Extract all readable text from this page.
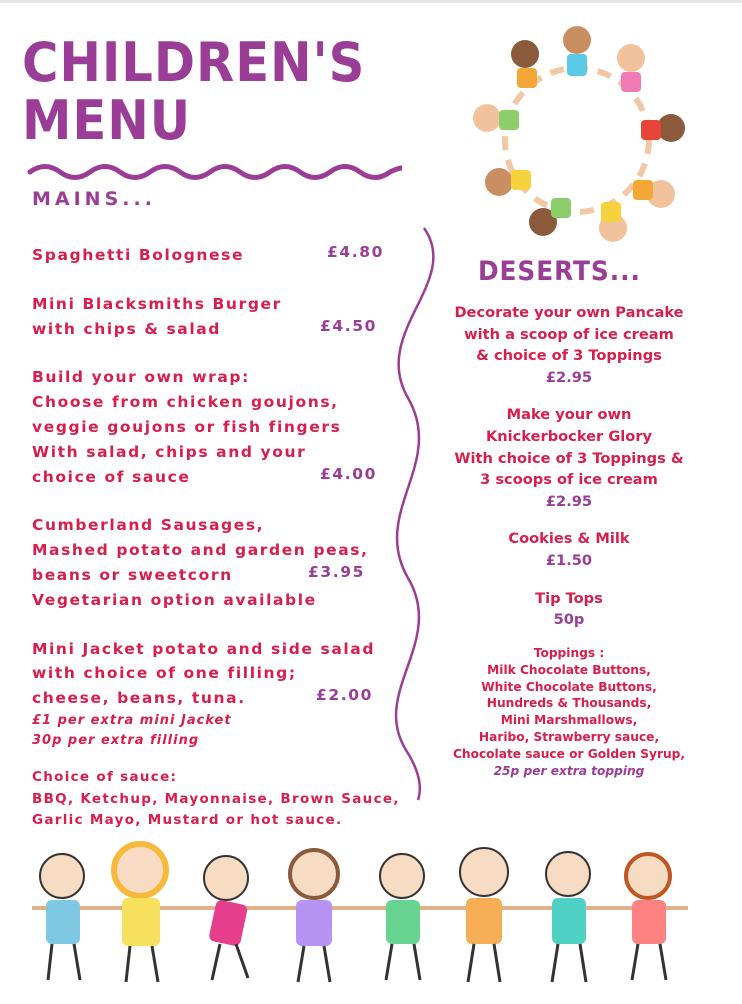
CHILDREN'S
MENU
MAINS...
Spaghetti Bolognese	£4.80
Mini Blacksmiths Burger
with chips & salad	£4.50
Build your own wrap:
Choose from chicken goujons,
veggie goujons or fish fingers
With salad, chips and your
choice of sauce	£4.00
Cumberland Sausages,
Mashed potato and garden peas,
beans or sweetcorn
Vegetarian option available
£3.95
Mini Jacket potato and side salad
with choice of one filling;
cheese, beans, tuna.
£1 per extra mini Jacket
30p per extra filling
£2.00
Choice of sauce:
BBQ, Ketchup, Mayonnaise, Brown Sauce,
Garlic Mayo, Mustard or hot sauce.
DESERTS...
Decorate your own Pancake
with a scoop of ice cream
& choice of 3 Toppings
£2.95
Make your own
Knickerbocker Glory
With choice of 3 Toppings &
3 scoops of ice cream
£2.95
Cookies & Milk
£1.50
Tip Tops
50p
Toppings :
Milk Chocolate Buttons,
White Chocolate Buttons,
Hundreds & Thousands,
Mini Marshmallows,
Haribo, Strawberry sauce,
Chocolate sauce or Golden Syrup,
25p per extra topping
